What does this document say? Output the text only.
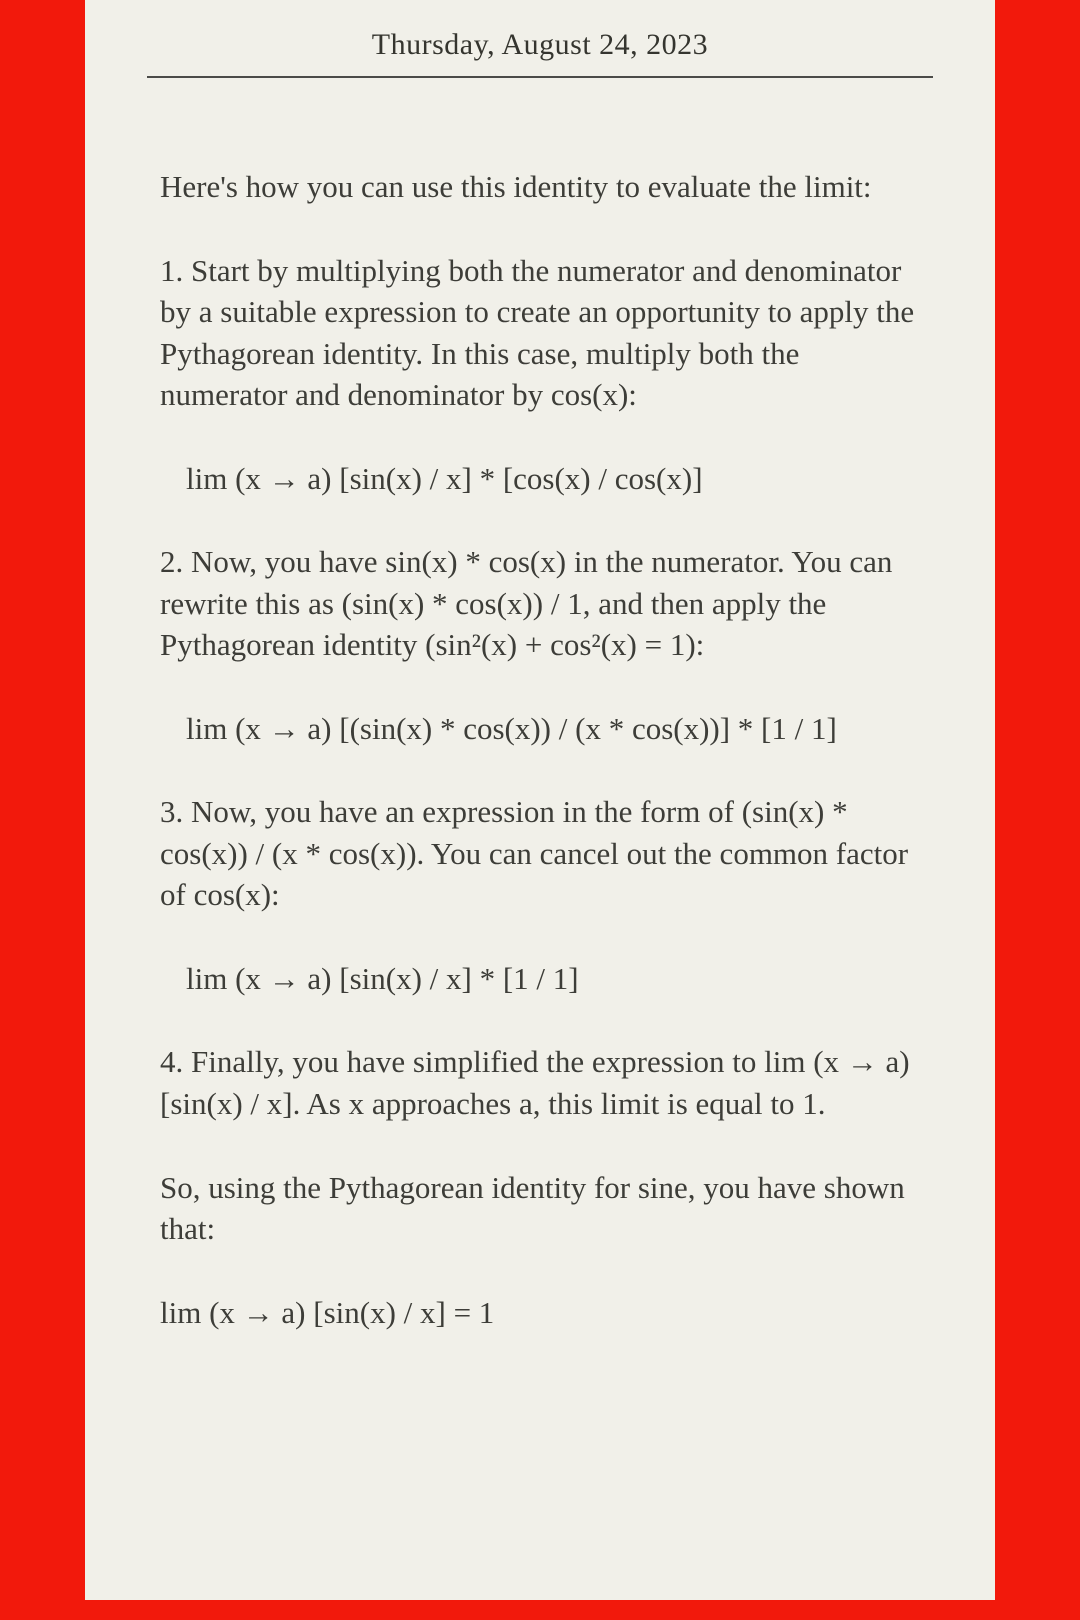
Thursday, August 24, 2023
Here's how you can use this identity to evaluate the limit:
1. Start by multiplying both the numerator and denominator by a suitable expression to create an opportunity to apply the Pythagorean identity. In this case, multiply both the numerator and denominator by cos(x):
lim (x → a) [sin(x) / x] * [cos(x) / cos(x)]
2. Now, you have sin(x) * cos(x) in the numerator. You can rewrite this as (sin(x) * cos(x)) / 1, and then apply the Pythagorean identity (sin²(x) + cos²(x) = 1):
lim (x → a) [(sin(x) * cos(x)) / (x * cos(x))] * [1 / 1]
3. Now, you have an expression in the form of (sin(x) * cos(x)) / (x * cos(x)). You can cancel out the common factor of cos(x):
lim (x → a) [sin(x) / x] * [1 / 1]
4. Finally, you have simplified the expression to lim (x → a) [sin(x) / x]. As x approaches a, this limit is equal to 1.
So, using the Pythagorean identity for sine, you have shown that:
lim (x → a) [sin(x) / x] = 1
